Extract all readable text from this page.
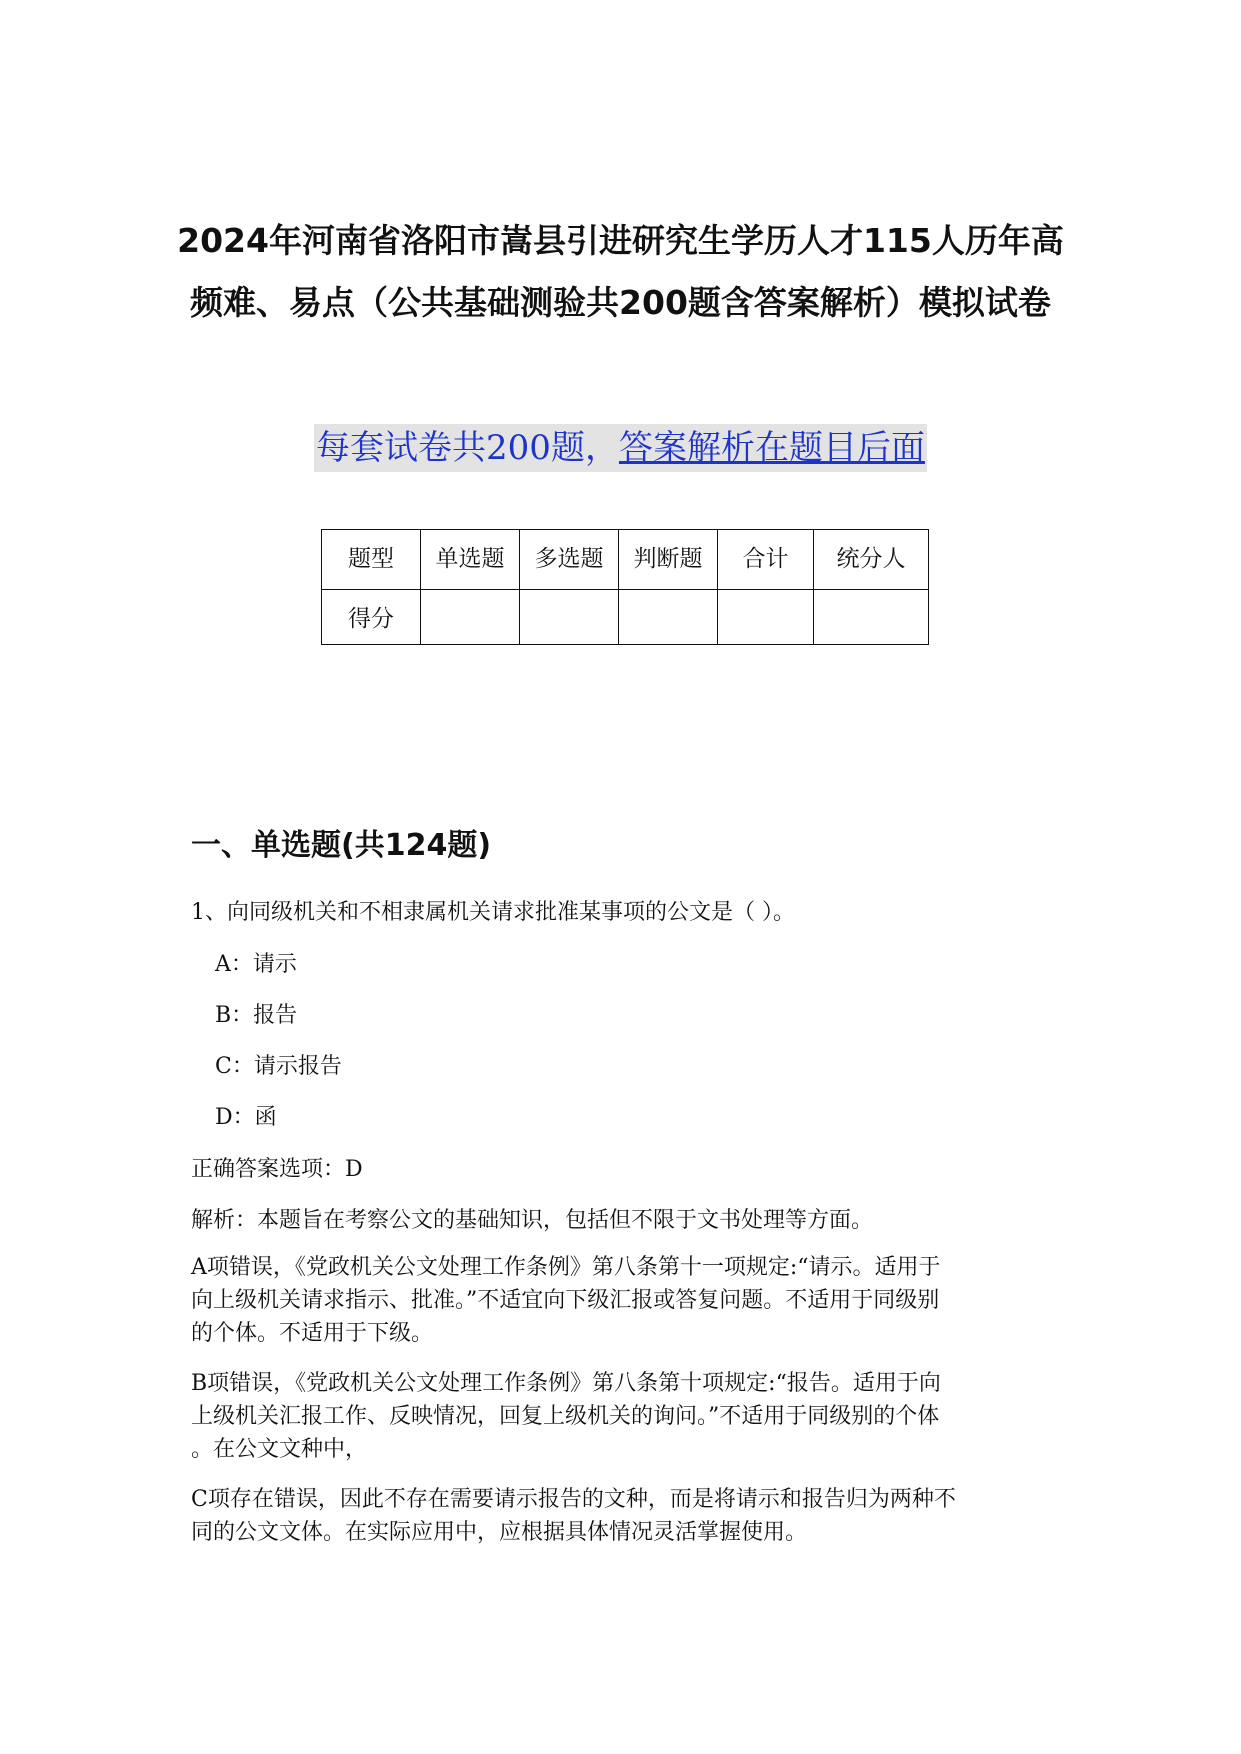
2024年河南省洛阳市嵩县引进研究生学历人才115人历年高
频难、易点（公共基础测验共200题含答案解析）模拟试卷
每套试卷共200题，答案解析在题目后面
题型	单选题	多选题	判断题	合计	统分人
得分					
一、单选题(共124题)
1、向同级机关和不相隶属机关请求批准某事项的公文是（ ）。
A：请示
B：报告
C：请示报告
D：函
正确答案选项：D
解析：本题旨在考察公文的基础知识，包括但不限于文书处理等方面。
A项错误，《党政机关公文处理工作条例》第八条第十一项规定:“请示。适用于
向上级机关请求指示、批准。”不适宜向下级汇报或答复问题。不适用于同级别
的个体。不适用于下级。
B项错误，《党政机关公文处理工作条例》第八条第十项规定:“报告。适用于向
上级机关汇报工作、反映情况，回复上级机关的询问。”不适用于同级别的个体
。在公文文种中，
C项存在错误，因此不存在需要请示报告的文种，而是将请示和报告归为两种不
同的公文文体。在实际应用中，应根据具体情况灵活掌握使用。
